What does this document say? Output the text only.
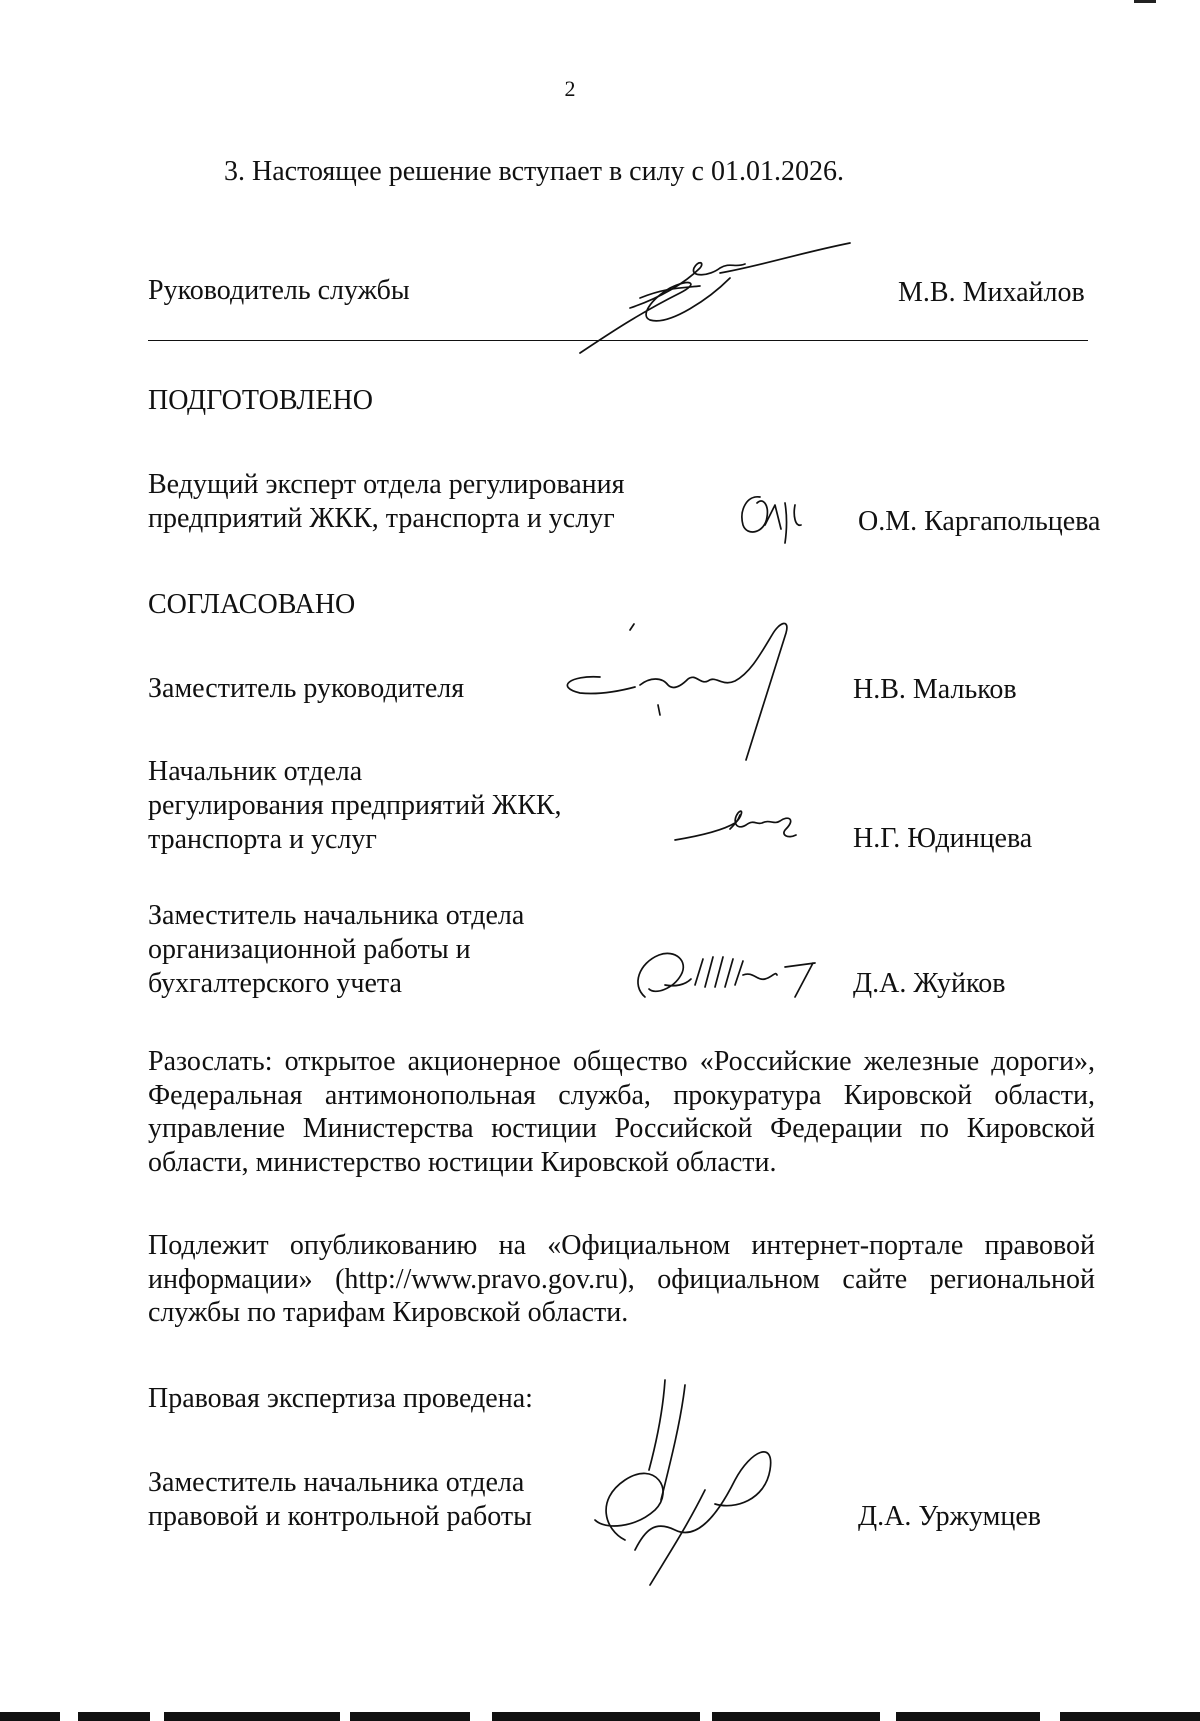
2
3. Настоящее решение вступает в силу с 01.01.2026.
Руководитель службы	М.В. Михайлов
ПОДГОТОВЛЕНО
Ведущий эксперт отдела регулирования
предприятий ЖКК, транспорта и услуг	О.М. Каргапольцева
СОГЛАСОВАНО
Заместитель руководителя	Н.В. Мальков
Начальник отдела
регулирования предприятий ЖКК,
транспорта и услуг	Н.Г. Юдинцева
Заместитель начальника отдела
организационной работы и
бухгалтерского учета	Д.А. Жуйков
Разослать: открытое акционерное общество «Российские железные дороги», Федеральная антимонопольная служба, прокуратура Кировской области, управление Министерства юстиции Российской Федерации по Кировской области, министерство юстиции Кировской области.
Подлежит опубликованию на «Официальном интернет-портале правовой информации» (http://www.pravo.gov.ru), официальном сайте региональной службы по тарифам Кировской области.
Правовая экспертиза проведена:
Заместитель начальника отдела
правовой и контрольной работы	Д.А. Уржумцев
